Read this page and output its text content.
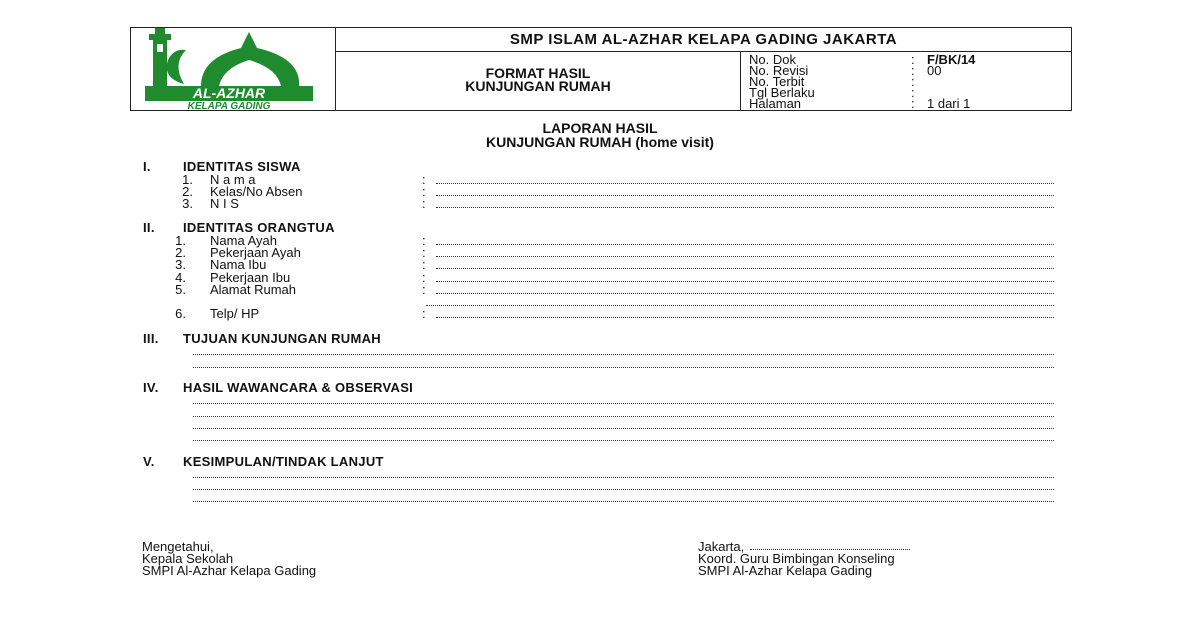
AL-AZHAR
KELAPA GADING
SMP ISLAM AL-AZHAR KELAPA GADING JAKARTA
FORMAT HASIL
KUNJUNGAN RUMAH
No. Dok	: F/BK/14
No. Revisi	: 00
No. Terbit	:
Tgl Berlaku	:
Halaman	: 1 dari 1
LAPORAN HASIL
KUNJUNGAN RUMAH (home visit)
I. IDENTITAS SISWA
1. N a m a	:
2. Kelas/No Absen	:
3. N I S	:
II. IDENTITAS ORANGTUA
1. Nama Ayah	:
2. Pekerjaan Ayah	:
3. Nama Ibu	:
4. Pekerjaan Ibu	:
5. Alamat Rumah	:
6. Telp/ HP	:
III. TUJUAN KUNJUNGAN RUMAH
IV. HASIL WAWANCARA & OBSERVASI
V. KESIMPULAN/TINDAK LANJUT
Mengetahui,
Kepala Sekolah
SMPI Al-Azhar Kelapa Gading
Jakarta,
Koord. Guru Bimbingan Konseling
SMPI Al-Azhar Kelapa Gading
